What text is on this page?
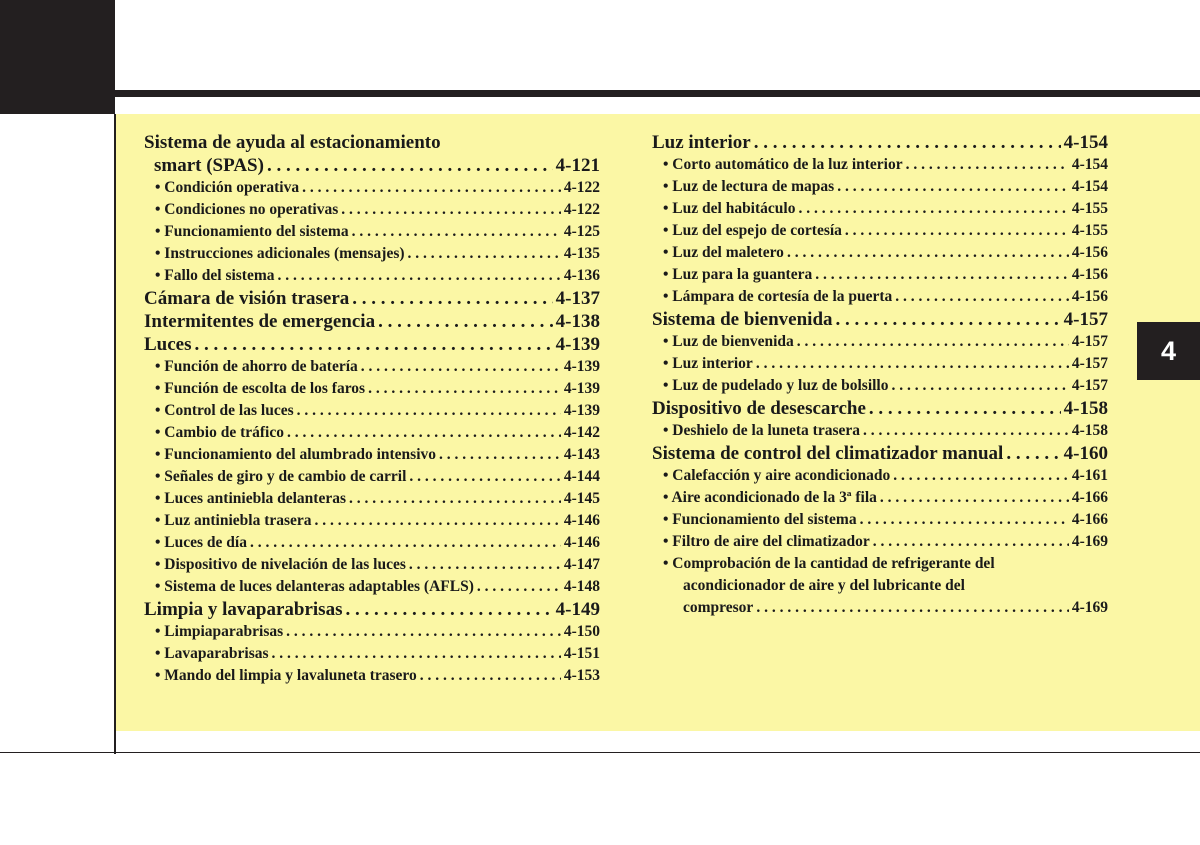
4
Sistema de ayuda al estacionamiento
smart (SPAS) . . .	4-121
• Condición operativa . . .	4-122
• Condiciones no operativas . . .	4-122
• Funcionamiento del sistema . . .	4-125
• Instrucciones adicionales (mensajes) . . .	4-135
• Fallo del sistema . . .	4-136
Cámara de visión trasera . . .	4-137
Intermitentes de emergencia . . .	4-138
Luces . . .	4-139
• Función de ahorro de batería . . .	4-139
• Función de escolta de los faros . . .	4-139
• Control de las luces . . .	4-139
• Cambio de tráfico . . .	4-142
• Funcionamiento del alumbrado intensivo . . .	4-143
• Señales de giro y de cambio de carril . . .	4-144
• Luces antiniebla delanteras . . .	4-145
• Luz antiniebla trasera . . .	4-146
• Luces de día . . .	4-146
• Dispositivo de nivelación de las luces . . .	4-147
• Sistema de luces delanteras adaptables (AFLS) . . .	4-148
Limpia y lavaparabrisas . . .	4-149
• Limpiaparabrisas . . .	4-150
• Lavaparabrisas . . .	4-151
• Mando del limpia y lavaluneta trasero . . .	4-153
Luz interior . . .	4-154
• Corto automático de la luz interior . . .	4-154
• Luz de lectura de mapas . . .	4-154
• Luz del habitáculo . . .	4-155
• Luz del espejo de cortesía . . .	4-155
• Luz del maletero . . .	4-156
• Luz para la guantera . . .	4-156
• Lámpara de cortesía de la puerta . . .	4-156
Sistema de bienvenida . . .	4-157
• Luz de bienvenida . . .	4-157
• Luz interior . . .	4-157
• Luz de pudelado y luz de bolsillo . . .	4-157
Dispositivo de desescarche . . .	4-158
• Deshielo de la luneta trasera . . .	4-158
Sistema de control del climatizador manual . . .	4-160
• Calefacción y aire acondicionado . . .	4-161
• Aire acondicionado de la 3ª fila . . .	4-166
• Funcionamiento del sistema . . .	4-166
• Filtro de aire del climatizador . . .	4-169
• Comprobación de la cantidad de refrigerante del
acondicionador de aire y del lubricante del
compresor . . .	4-169
